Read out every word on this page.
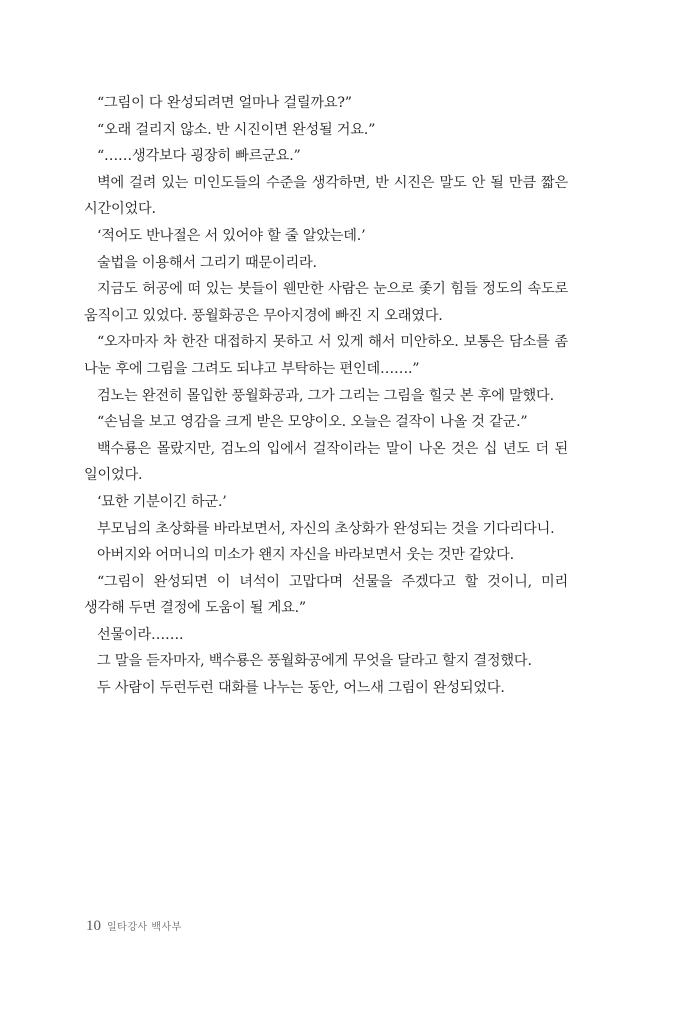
“그림이 다 완성되려면 얼마나 걸릴까요?”

“오래 걸리지 않소. 반 시진이면 완성될 거요.”

“……생각보다 굉장히 빠르군요.”

벽에 걸려 있는 미인도들의 수준을 생각하면, 반 시진은 말도 안 될 만큼 짧은 시간이었다.

‘적어도 반나절은 서 있어야 할 줄 알았는데.’

술법을 이용해서 그리기 때문이리라.

지금도 허공에 떠 있는 붓들이 웬만한 사람은 눈으로 좇기 힘들 정도의 속도로 움직이고 있었다. 풍월화공은 무아지경에 빠진 지 오래였다.

“오자마자 차 한잔 대접하지 못하고 서 있게 해서 미안하오. 보통은 담소를 좀 나눈 후에 그림을 그려도 되냐고 부탁하는 편인데…….”

검노는 완전히 몰입한 풍월화공과, 그가 그리는 그림을 힐긋 본 후에 말했다.

“손님을 보고 영감을 크게 받은 모양이오. 오늘은 걸작이 나올 것 같군.”

백수룡은 몰랐지만, 검노의 입에서 걸작이라는 말이 나온 것은 십 년도 더 된 일이었다.

‘묘한 기분이긴 하군.’

부모님의 초상화를 바라보면서, 자신의 초상화가 완성되는 것을 기다리다니.

아버지와 어머니의 미소가 왠지 자신을 바라보면서 웃는 것만 같았다.

“그림이 완성되면 이 녀석이 고맙다며 선물을 주겠다고 할 것이니, 미리 생각해 두면 결정에 도움이 될 게요.”

선물이라…….

그 말을 듣자마자, 백수룡은 풍월화공에게 무엇을 달라고 할지 결정했다.

두 사람이 두런두런 대화를 나누는 동안, 어느새 그림이 완성되었다.

10 일타강사 백사부
